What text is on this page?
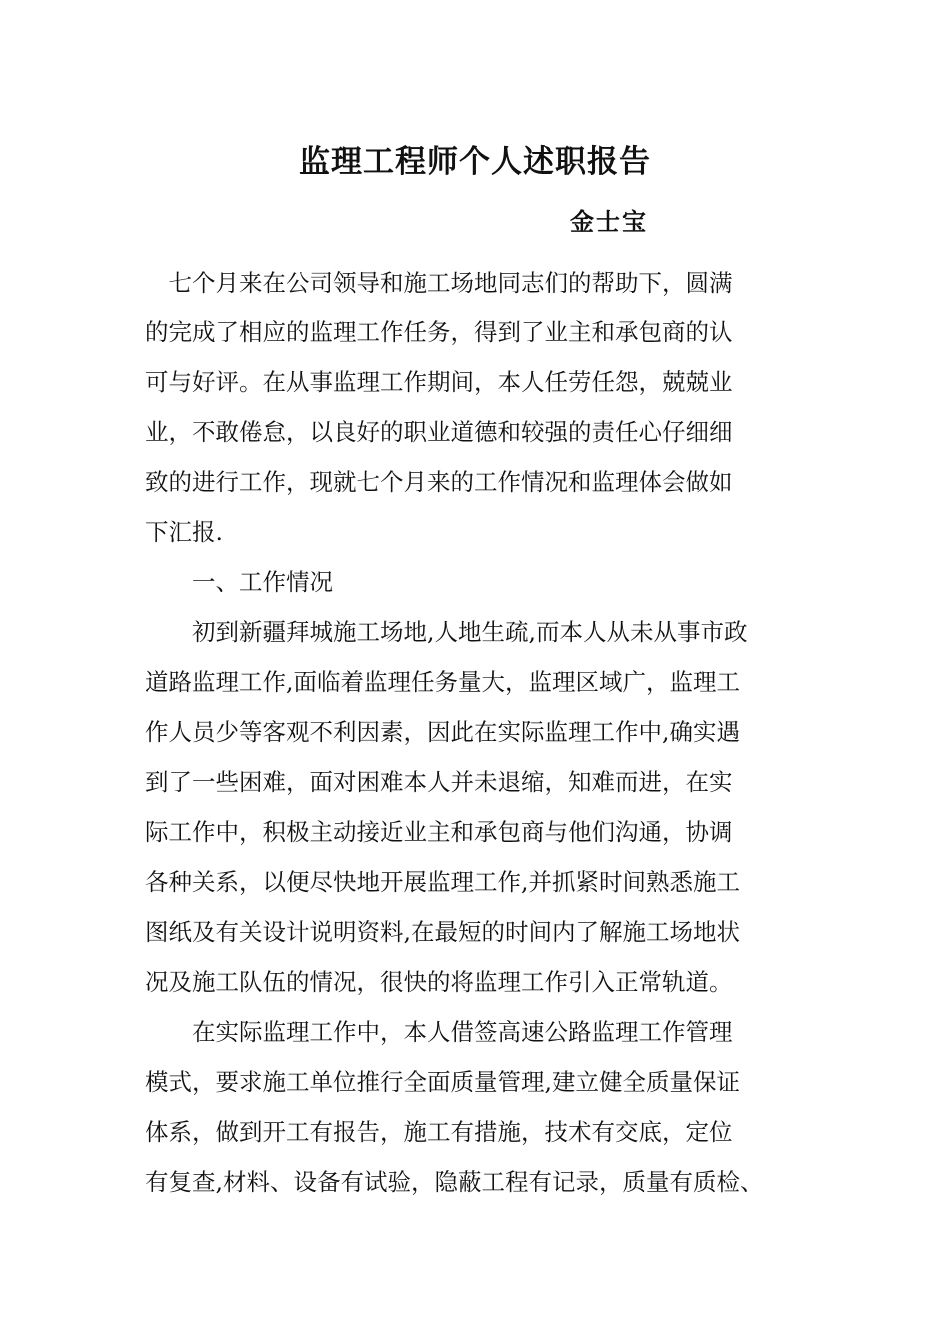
监理工程师个人述职报告
金士宝
　七个月来在公司领导和施工场地同志们的帮助下，圆满
的完成了相应的监理工作任务，得到了业主和承包商的认
可与好评。在从事监理工作期间，本人任劳任怨，兢兢业
业，不敢倦怠，以良好的职业道德和较强的责任心仔细细
致的进行工作，现就七个月来的工作情况和监理体会做如
下汇报.
　　一、工作情况
　　初到新疆拜城施工场地,人地生疏,而本人从未从事市政
道路监理工作,面临着监理任务量大，监理区域广，监理工
作人员少等客观不利因素，因此在实际监理工作中,确实遇
到了一些困难，面对困难本人并未退缩，知难而进，在实
际工作中，积极主动接近业主和承包商与他们沟通，协调
各种关系，以便尽快地开展监理工作,并抓紧时间熟悉施工
图纸及有关设计说明资料,在最短的时间内了解施工场地状
况及施工队伍的情况，很快的将监理工作引入正常轨道。
　　在实际监理工作中，本人借签高速公路监理工作管理
模式，要求施工单位推行全面质量管理,建立健全质量保证
体系，做到开工有报告，施工有措施，技术有交底，定位
有复查,材料、设备有试验，隐蔽工程有记录，质量有质检、
